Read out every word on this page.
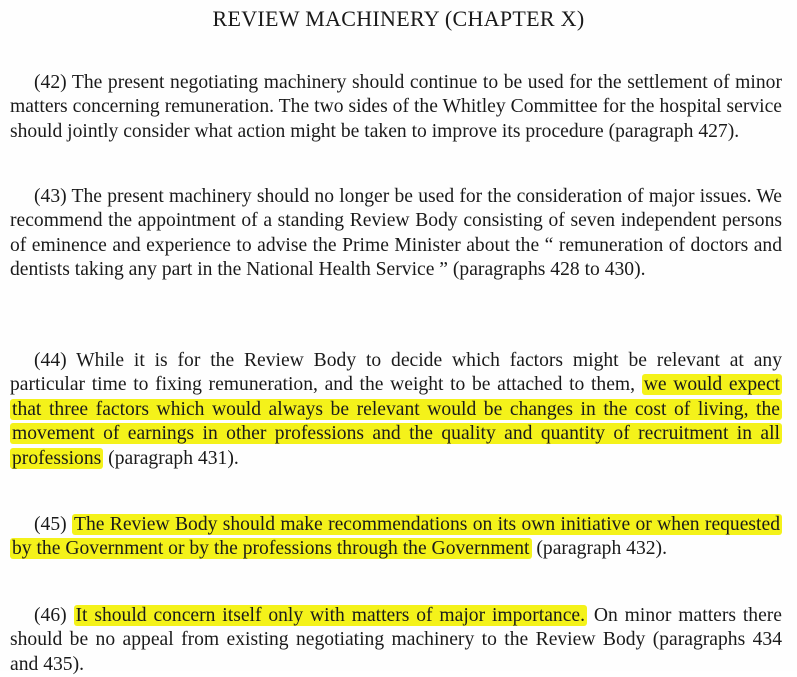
REVIEW MACHINERY (CHAPTER X)

(42) The present negotiating machinery should continue to be used for the settlement of minor matters concerning remuneration. The two sides of the Whitley Committee for the hospital service should jointly consider what action might be taken to improve its procedure (paragraph 427).

(43) The present machinery should no longer be used for the consideration of major issues. We recommend the appointment of a standing Review Body consisting of seven independent persons of eminence and experience to advise the Prime Minister about the “ remuneration of doctors and dentists taking any part in the National Health Service ” (paragraphs 428 to 430).

(44) While it is for the Review Body to decide which factors might be relevant at any particular time to fixing remuneration, and the weight to be attached to them, we would expect that three factors which would always be relevant would be changes in the cost of living, the movement of earnings in other professions and the quality and quantity of recruitment in all professions (paragraph 431).

(45) The Review Body should make recommendations on its own initiative or when requested by the Government or by the professions through the Government (paragraph 432).

(46) It should concern itself only with matters of major importance. On minor matters there should be no appeal from existing negotiating machinery to the Review Body (paragraphs 434 and 435).
